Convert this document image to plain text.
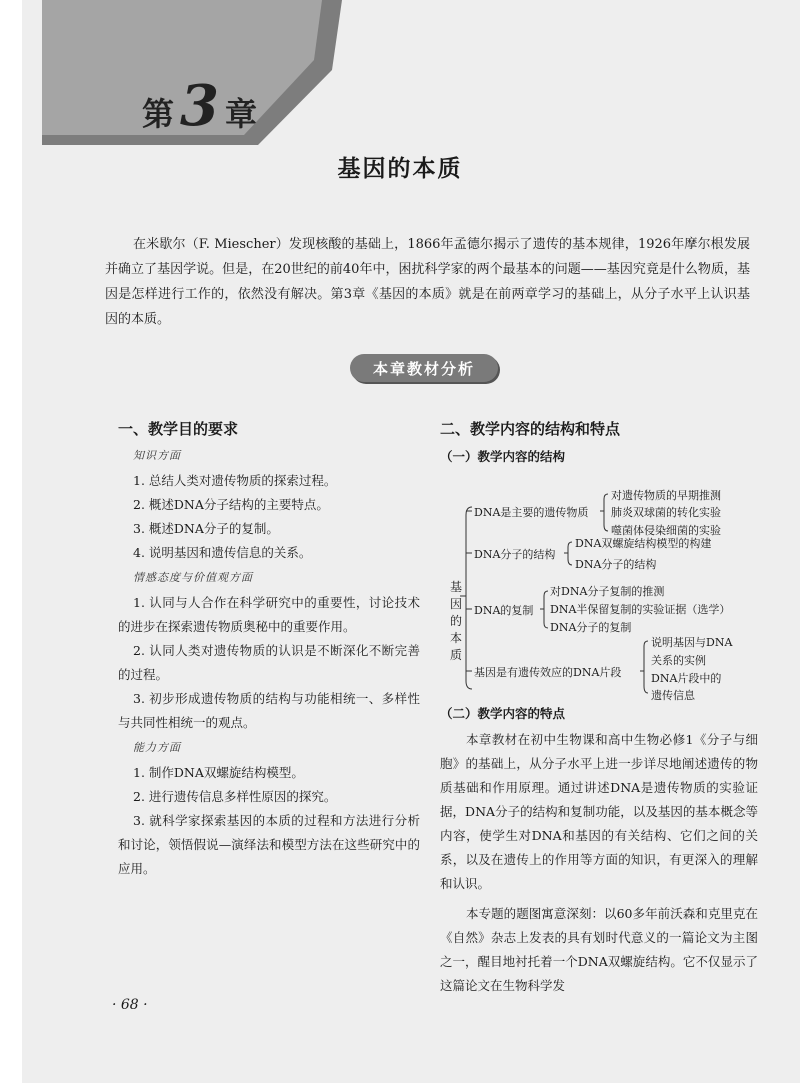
第 3 章
基因的本质

在米歇尔（F. Miescher）发现核酸的基础上，1866年孟德尔揭示了遗传的基本规律，1926年摩尔根发展并确立了基因学说。但是，在20世纪的前40年中，困扰科学家的两个最基本的问题——基因究竟是什么物质，基因是怎样进行工作的，依然没有解决。第3章《基因的本质》就是在前两章学习的基础上，从分子水平上认识基因的本质。

本章教材分析
一、教学目的要求
知识方面

1. 总结人类对遗传物质的探索过程。

2. 概述DNA分子结构的主要特点。

3. 概述DNA分子的复制。

4. 说明基因和遗传信息的关系。

情感态度与价值观方面

1. 认同与人合作在科学研究中的重要性，讨论技术的进步在探索遗传物质奥秘中的重要作用。

2. 认同人类对遗传物质的认识是不断深化不断完善的过程。

3. 初步形成遗传物质的结构与功能相统一、多样性与共同性相统一的观点。

能力方面

1. 制作DNA双螺旋结构模型。

2. 进行遗传信息多样性原因的探究。

3. 就科学家探索基因的本质的过程和方法进行分析和讨论，领悟假说—演绎法和模型方法在这些研究中的应用。

二、教学内容的结构和特点
（一）教学内容的结构
基因的本质
DNA是主要的遗传物质
对遗传物质的早期推测
肺炎双球菌的转化实验
噬菌体侵染细菌的实验
DNA分子的结构
DNA双螺旋结构模型的构建
DNA分子的结构
DNA的复制
对DNA分子复制的推测
DNA半保留复制的实验证据（选学）
DNA分子的复制
基因是有遗传效应的DNA片段
说明基因与DNA
关系的实例
DNA片段中的
遗传信息
（二）教学内容的特点

本章教材在初中生物课和高中生物必修1《分子与细胞》的基础上，从分子水平上进一步详尽地阐述遗传的物质基础和作用原理。通过讲述DNA是遗传物质的实验证据，DNA分子的结构和复制功能，以及基因的基本概念等内容，使学生对DNA和基因的有关结构、它们之间的关系，以及在遗传上的作用等方面的知识，有更深入的理解和认识。

本专题的题图寓意深刻：以60多年前沃森和克里克在《自然》杂志上发表的具有划时代意义的一篇论文为主图之一，醒目地衬托着一个DNA双螺旋结构。它不仅显示了这篇论文在生物科学发

· 68 ·
